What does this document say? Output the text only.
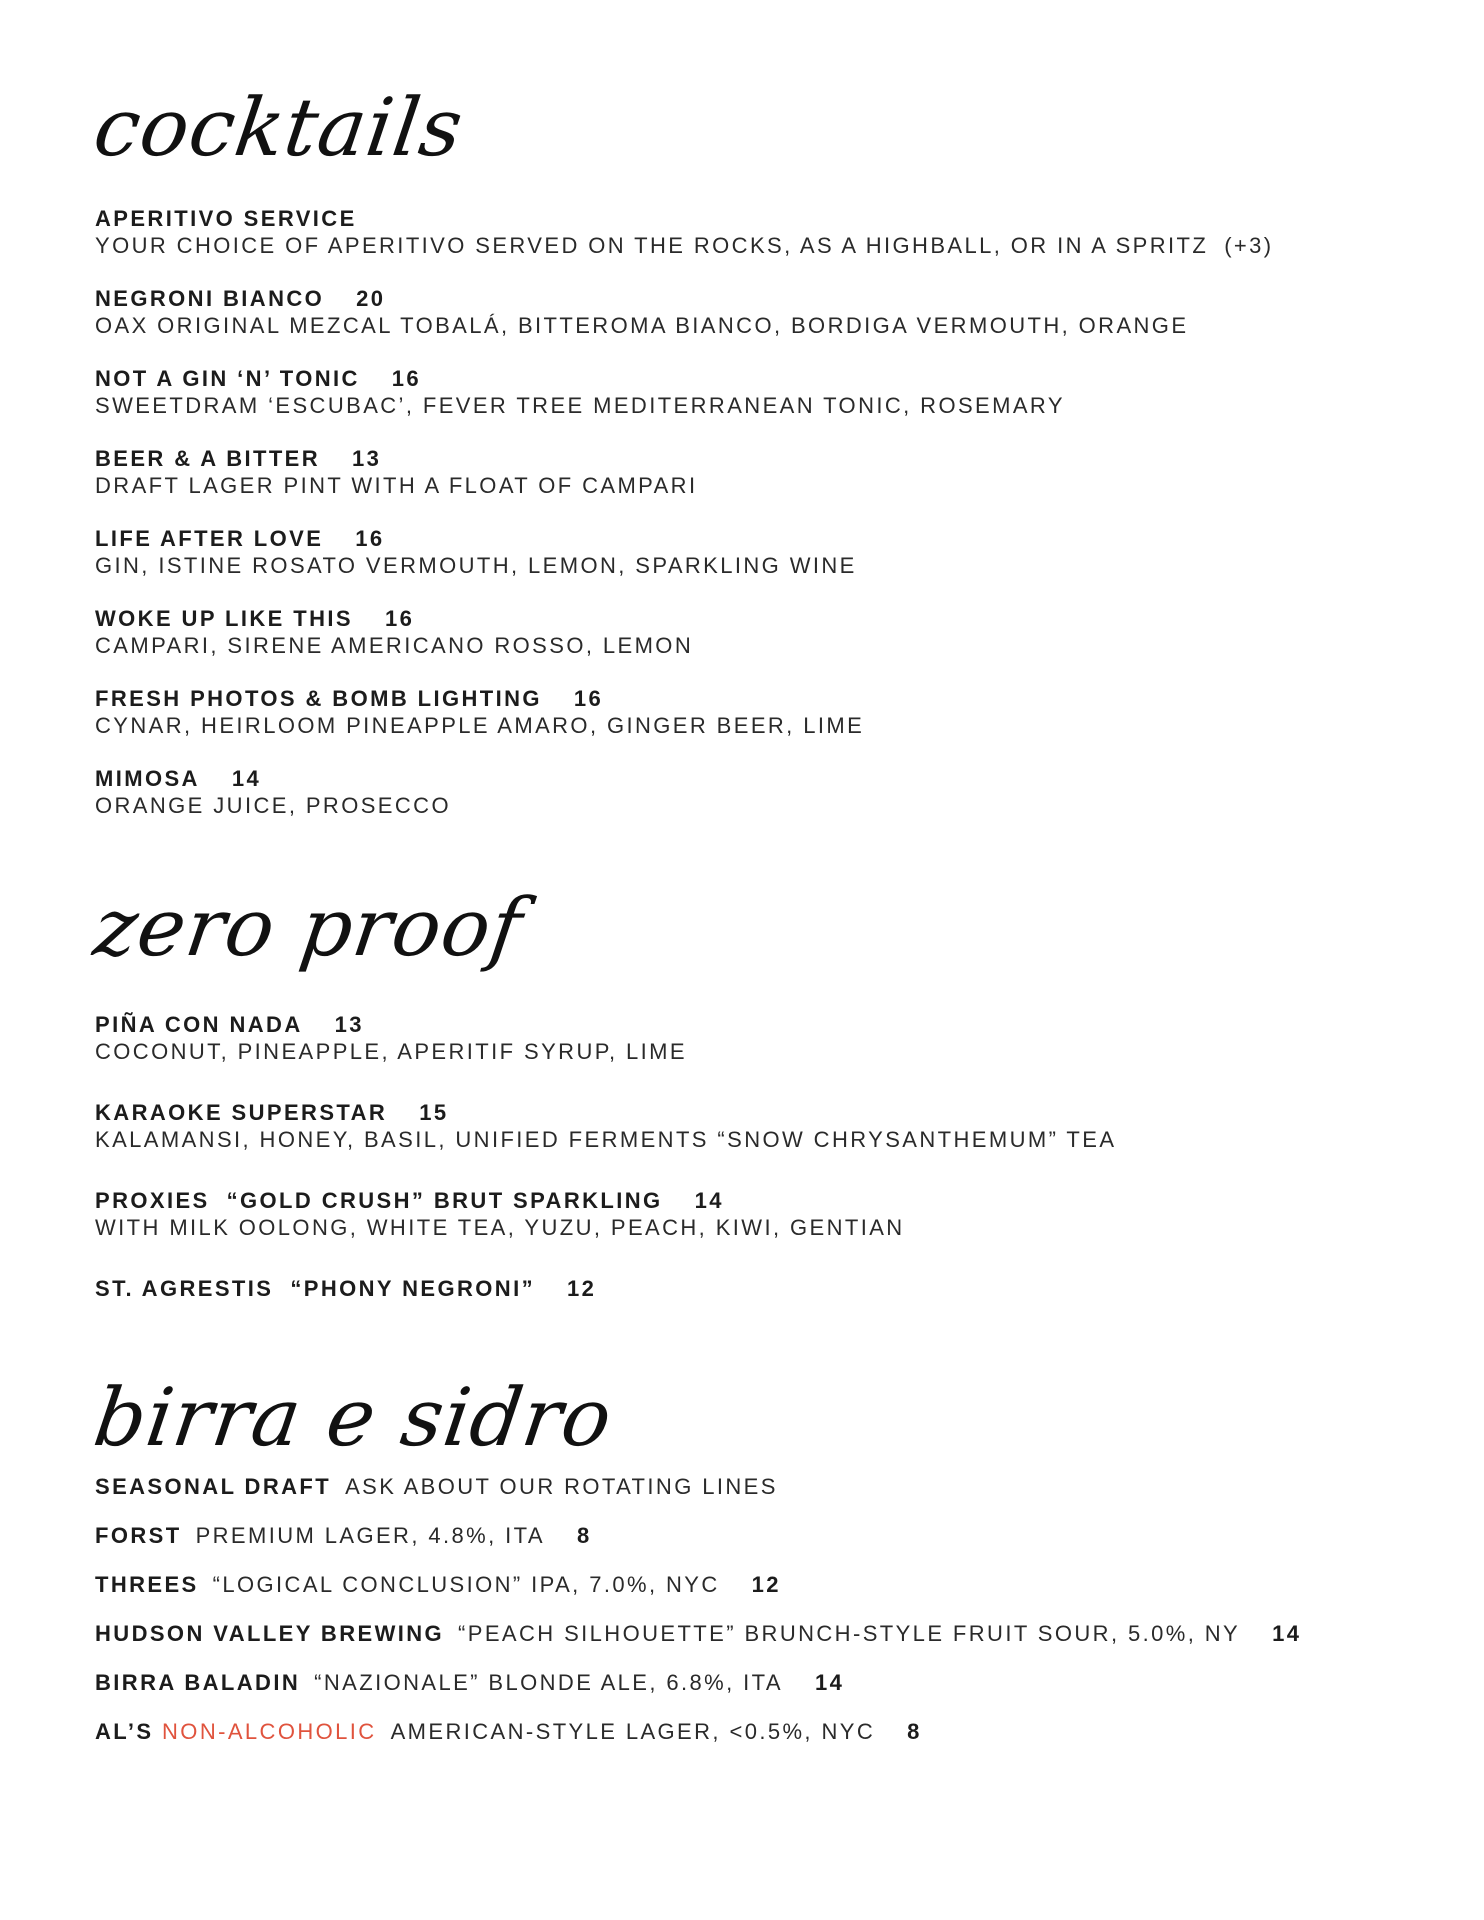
cocktails
APERITIVO SERVICE
YOUR CHOICE OF APERITIVO SERVED ON THE ROCKS, AS A HIGHBALL, OR IN A SPRITZ (+3)
NEGRONI BIANCO 20
OAX ORIGINAL MEZCAL TOBALÁ, BITTEROMA BIANCO, BORDIGA VERMOUTH, ORANGE
NOT A GIN ‘N’ TONIC 16
SWEETDRAM ‘ESCUBAC’, FEVER TREE MEDITERRANEAN TONIC, ROSEMARY
BEER & A BITTER 13
DRAFT LAGER PINT WITH A FLOAT OF CAMPARI
LIFE AFTER LOVE 16
GIN, ISTINE ROSATO VERMOUTH, LEMON, SPARKLING WINE
WOKE UP LIKE THIS 16
CAMPARI, SIRENE AMERICANO ROSSO, LEMON
FRESH PHOTOS & BOMB LIGHTING 16
CYNAR, HEIRLOOM PINEAPPLE AMARO, GINGER BEER, LIME
MIMOSA 14
ORANGE JUICE, PROSECCO
zero proof
PIÑA CON NADA 13
COCONUT, PINEAPPLE, APERITIF SYRUP, LIME
KARAOKE SUPERSTAR 15
KALAMANSI, HONEY, BASIL, UNIFIED FERMENTS “SNOW CHRYSANTHEMUM” TEA
PROXIES  “GOLD CRUSH” BRUT SPARKLING 14
WITH MILK OOLONG, WHITE TEA, YUZU, PEACH, KIWI, GENTIAN
ST. AGRESTIS  “PHONY NEGRONI” 12
birra e sidro
SEASONAL DRAFT ASK ABOUT OUR ROTATING LINES
FORST PREMIUM LAGER, 4.8%, ITA 8
THREES “LOGICAL CONCLUSION” IPA, 7.0%, NYC 12
HUDSON VALLEY BREWING “PEACH SILHOUETTE” BRUNCH-STYLE FRUIT SOUR, 5.0%, NY 14
BIRRA BALADIN “NAZIONALE” BLONDE ALE, 6.8%, ITA 14
AL’S NON-ALCOHOLIC AMERICAN-STYLE LAGER, <0.5%, NYC 8
